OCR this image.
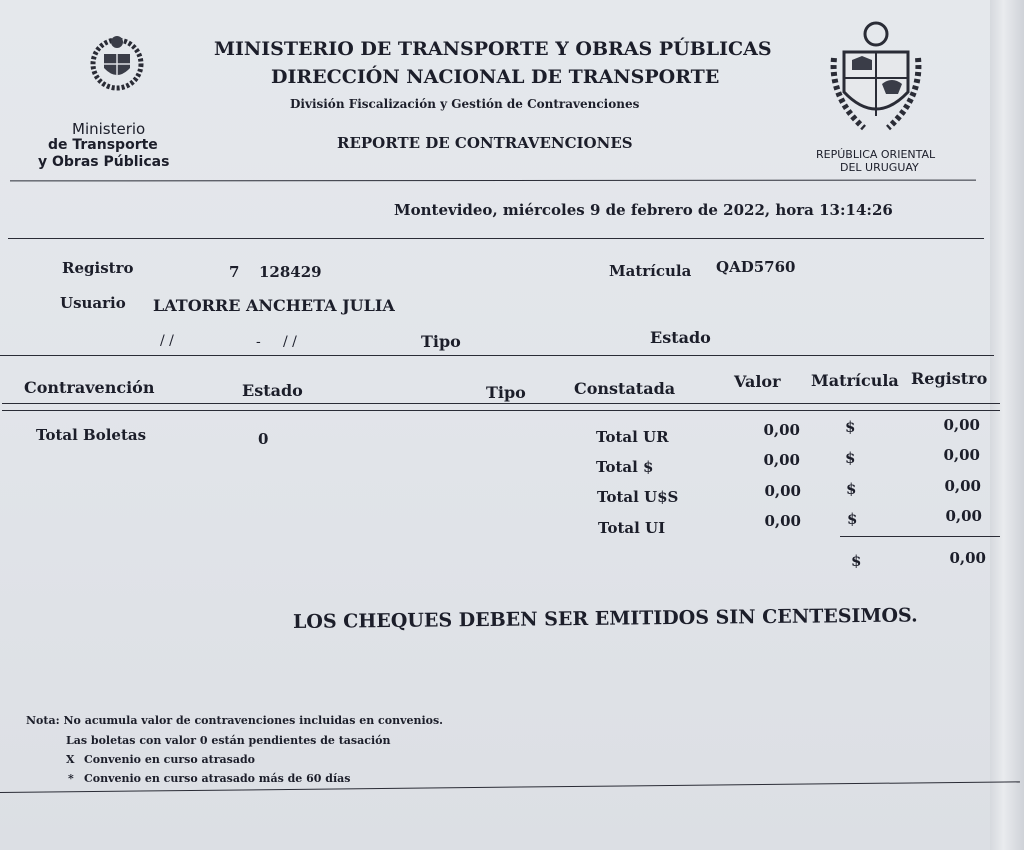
Ministerio
de Transporte
y Obras Públicas	REPÚBLICA ORIENTAL
DEL URUGUAY
MINISTERIO DE TRANSPORTE Y OBRAS PÚBLICAS
DIRECCIÓN NACIONAL DE TRANSPORTE
División Fiscalización y Gestión de Contravenciones
REPORTE DE CONTRAVENCIONES
Montevideo, miércoles 9 de febrero de 2022, hora 13:14:26
Registro	7 128429	Matrícula QAD5760
Usuario LATORRE ANCHETA JULIA
/ /	- / /	Tipo	Estado
Contravención	Estado	Tipo	Constatada	Valor Matrícula Registro
Total Boletas	0	Total UR	0,00	$	0,00
Total $	0,00	$	0,00
Total U$S	0,00	$	0,00
Total UI	0,00	$	0,00
$	0,00
LOS CHEQUES DEBEN SER EMITIDOS SIN CENTESIMOS.
Nota: No acumula valor de contravenciones incluidas en convenios.
Las boletas con valor 0 están pendientes de tasación
X Convenio en curso atrasado
* Convenio en curso atrasado más de 60 días
